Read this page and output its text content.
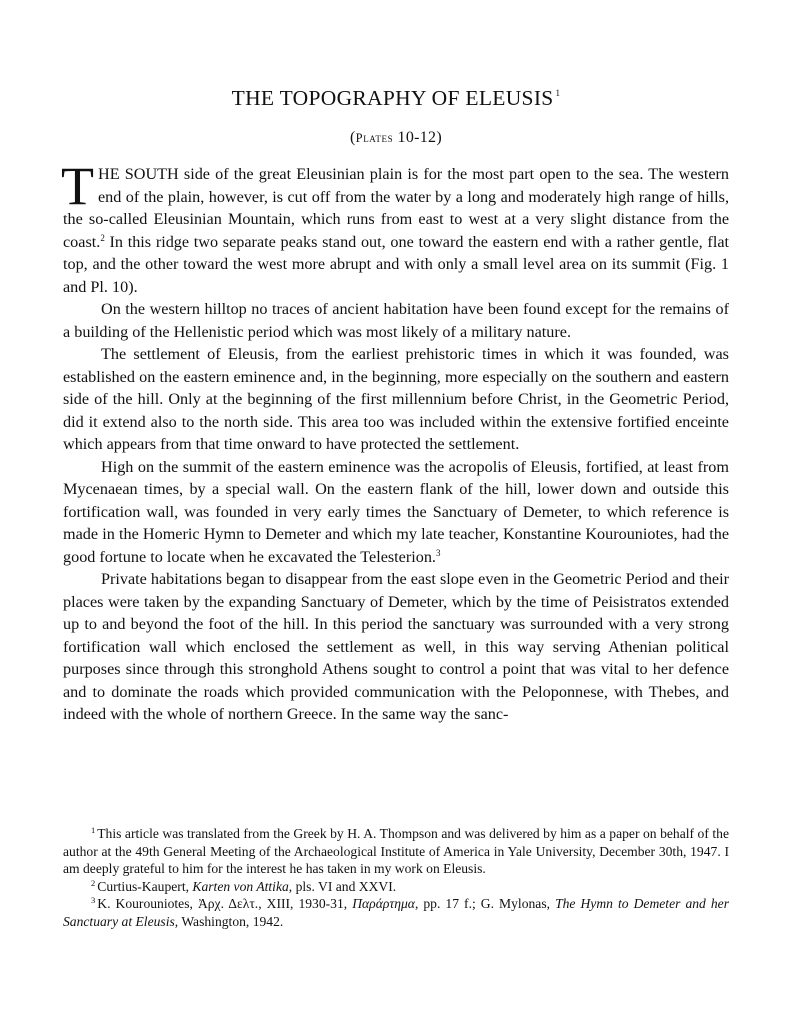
THE TOPOGRAPHY OF ELEUSIS $^1$
(Plates 10-12)

THE SOUTH side of the great Eleusinian plain is for the most part open to the sea. The western end of the plain, however, is cut off from the water by a long and moderately high range of hills, the so-called Eleusinian Mountain, which runs from east to west at a very slight distance from the coast.$^2$ In this ridge two separate peaks stand out, one toward the eastern end with a rather gentle, flat top, and the other toward the west more abrupt and with only a small level area on its summit (Fig. 1 and Pl. 10).

On the western hilltop no traces of ancient habitation have been found except for the remains of a building of the Hellenistic period which was most likely of a military nature.

The settlement of Eleusis, from the earliest prehistoric times in which it was founded, was established on the eastern eminence and, in the beginning, more especially on the southern and eastern side of the hill. Only at the beginning of the first millennium before Christ, in the Geometric Period, did it extend also to the north side. This area too was included within the extensive fortified enceinte which appears from that time onward to have protected the settlement.

High on the summit of the eastern eminence was the acropolis of Eleusis, fortified, at least from Mycenaean times, by a special wall. On the eastern flank of the hill, lower down and outside this fortification wall, was founded in very early times the Sanctuary of Demeter, to which reference is made in the Homeric Hymn to Demeter and which my late teacher, Konstantine Kourouniotes, had the good fortune to locate when he excavated the Telesterion.$^3$

Private habitations began to disappear from the east slope even in the Geometric Period and their places were taken by the expanding Sanctuary of Demeter, which by the time of Peisistratos extended up to and beyond the foot of the hill. In this period the sanctuary was surrounded with a very strong fortification wall which enclosed the settlement as well, in this way serving Athenian political purposes since through this stronghold Athens sought to control a point that was vital to her defence and to dominate the roads which provided communication with the Peloponnese, with Thebes, and indeed with the whole of northern Greece. In the same way the sanc-

$^1$ This article was translated from the Greek by H. A. Thompson and was delivered by him as a paper on behalf of the author at the 49th General Meeting of the Archaeological Institute of America in Yale University, December 30th, 1947. I am deeply grateful to him for the interest he has taken in my work on Eleusis.

$^2$ Curtius-Kaupert, Karten von Attika, pls. VI and XXVI.

$^3$ K. Kourouniotes, Ἀρχ. Δελτ., XIII, 1930-31, Παράρτημα, pp. 17 f.; G. Mylonas, The Hymn to Demeter and her Sanctuary at Eleusis, Washington, 1942.
